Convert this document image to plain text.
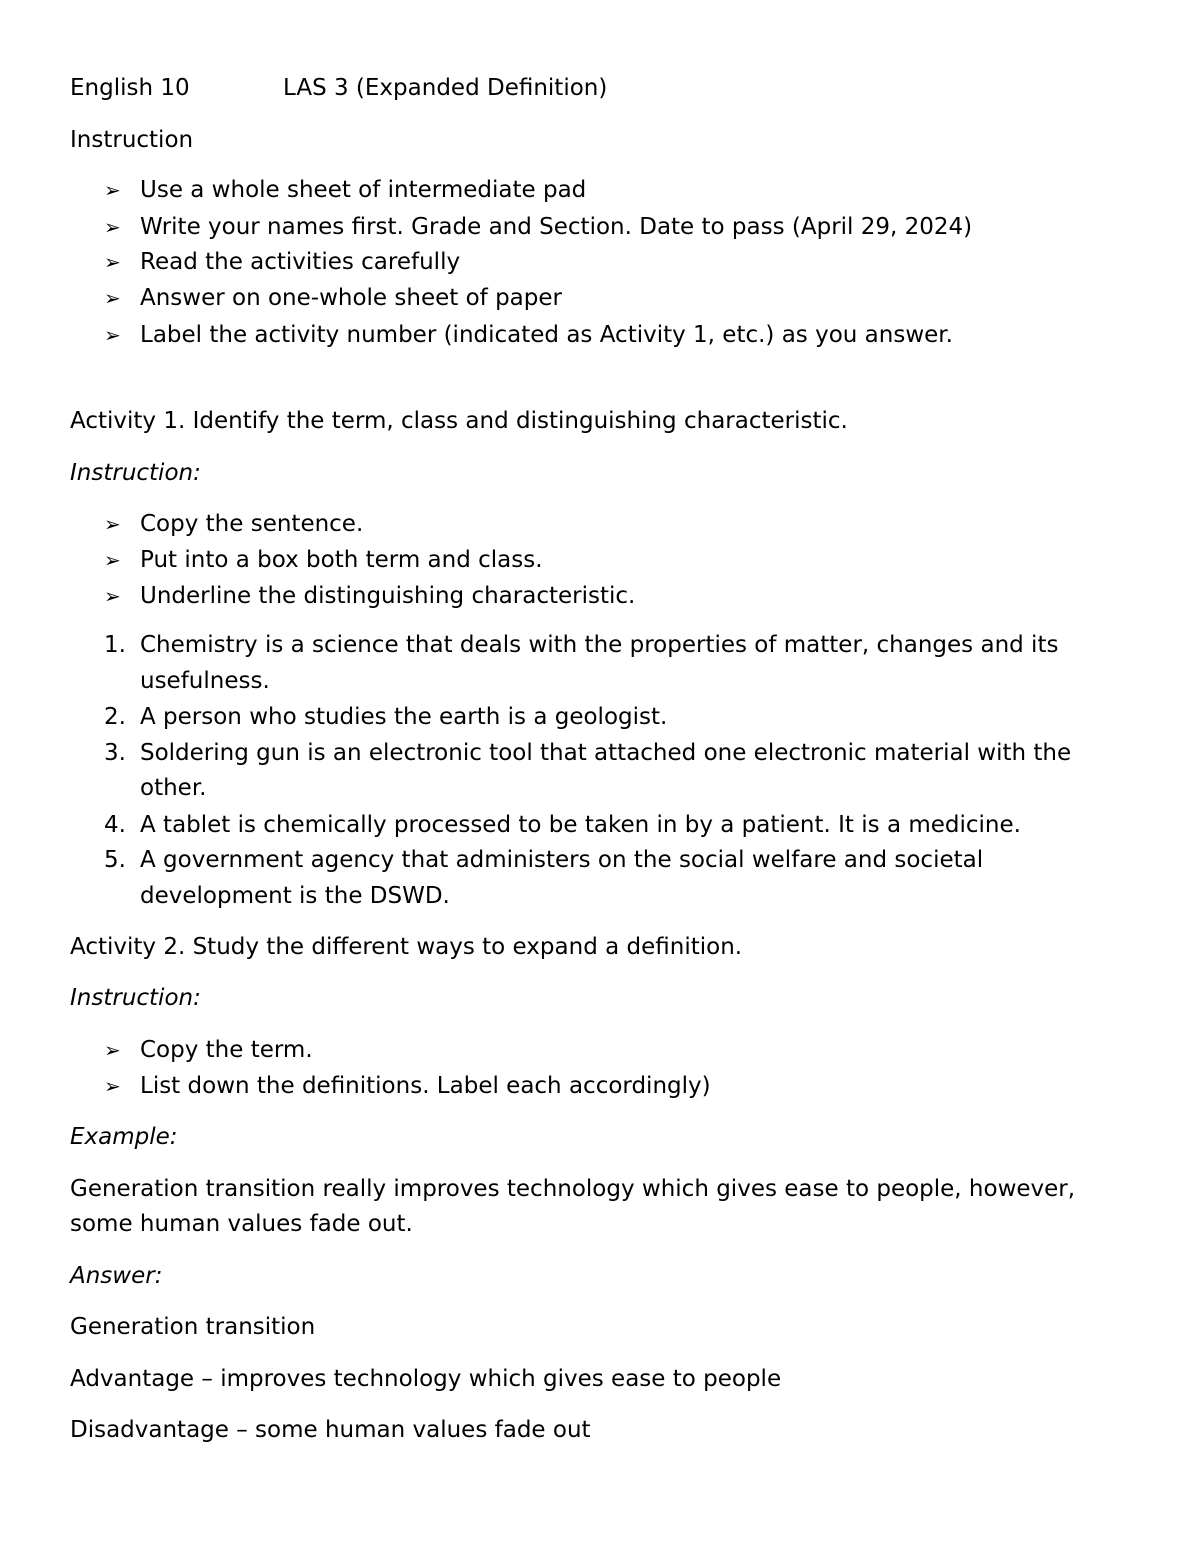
English 10	LAS 3 (Expanded Definition)
Instruction
➢ Use a whole sheet of intermediate pad
➢ Write your names first. Grade and Section. Date to pass (April 29, 2024)
➢ Read the activities carefully
➢ Answer on one-whole sheet of paper
➢ Label the activity number (indicated as Activity 1, etc.) as you answer.
Activity 1. Identify the term, class and distinguishing characteristic.
Instruction:
➢ Copy the sentence.
➢ Put into a box both term and class.
➢ Underline the distinguishing characteristic.
1. Chemistry is a science that deals with the properties of matter, changes and its
usefulness.
2. A person who studies the earth is a geologist.
3. Soldering gun is an electronic tool that attached one electronic material with the
other.
4. A tablet is chemically processed to be taken in by a patient. It is a medicine.
5. A government agency that administers on the social welfare and societal
development is the DSWD.
Activity 2. Study the different ways to expand a definition.
Instruction:
➢ Copy the term.
➢ List down the definitions. Label each accordingly)
Example:
Generation transition really improves technology which gives ease to people, however,
some human values fade out.
Answer:
Generation transition
Advantage – improves technology which gives ease to people
Disadvantage – some human values fade out
